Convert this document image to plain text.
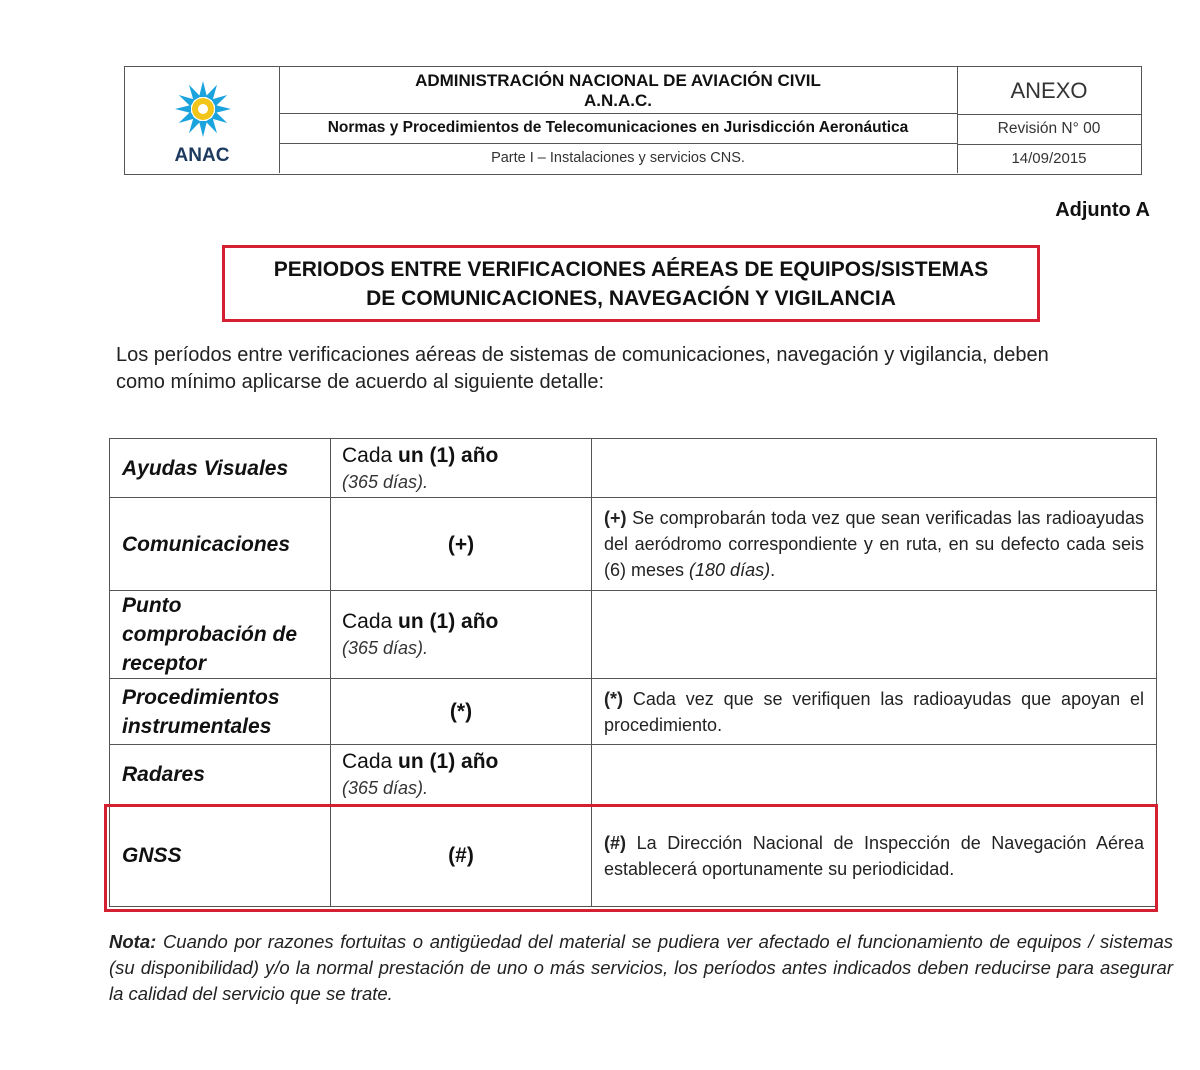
ANAC
ADMINISTRACIÓN NACIONAL DE AVIACIÓN CIVIL
A.N.A.C.
Normas y Procedimientos de Telecomunicaciones en Jurisdicción Aeronáutica
Parte I – Instalaciones y servicios CNS.
ANEXO
Revisión N° 00
14/09/2015
Adjunto A
PERIODOS ENTRE VERIFICACIONES AÉREAS DE EQUIPOS/SISTEMAS
DE COMUNICACIONES, NAVEGACIÓN Y VIGILANCIA
Los períodos entre verificaciones aéreas de sistemas de comunicaciones, navegación y vigilancia, deben como mínimo aplicarse de acuerdo al siguiente detalle:
Ayudas Visuales	Cada un (1) año
(365 días).	

Comunicaciones	(+)	(+) Se comprobarán toda vez que sean verificadas las radioayudas del aeródromo correspondiente y en ruta, en su defecto cada seis (6) meses (180 días).

Punto comprobación de receptor	Cada un (1) año
(365 días).	

Procedimientos instrumentales	(*)	(*) Cada vez que se verifiquen las radioayudas que apoyan el procedimiento.
Radares	Cada un (1) año
(365 días).	

GNSS	(#)	(#) La Dirección Nacional de Inspección de Navegación Aérea establecerá oportunamente su periodicidad.
Nota: Cuando por razones fortuitas o antigüedad del material se pudiera ver afectado el funcionamiento de equipos / sistemas (su disponibilidad) y/o la normal prestación de uno o más servicios, los períodos antes indicados deben reducirse para asegurar la calidad del servicio que se trate.
